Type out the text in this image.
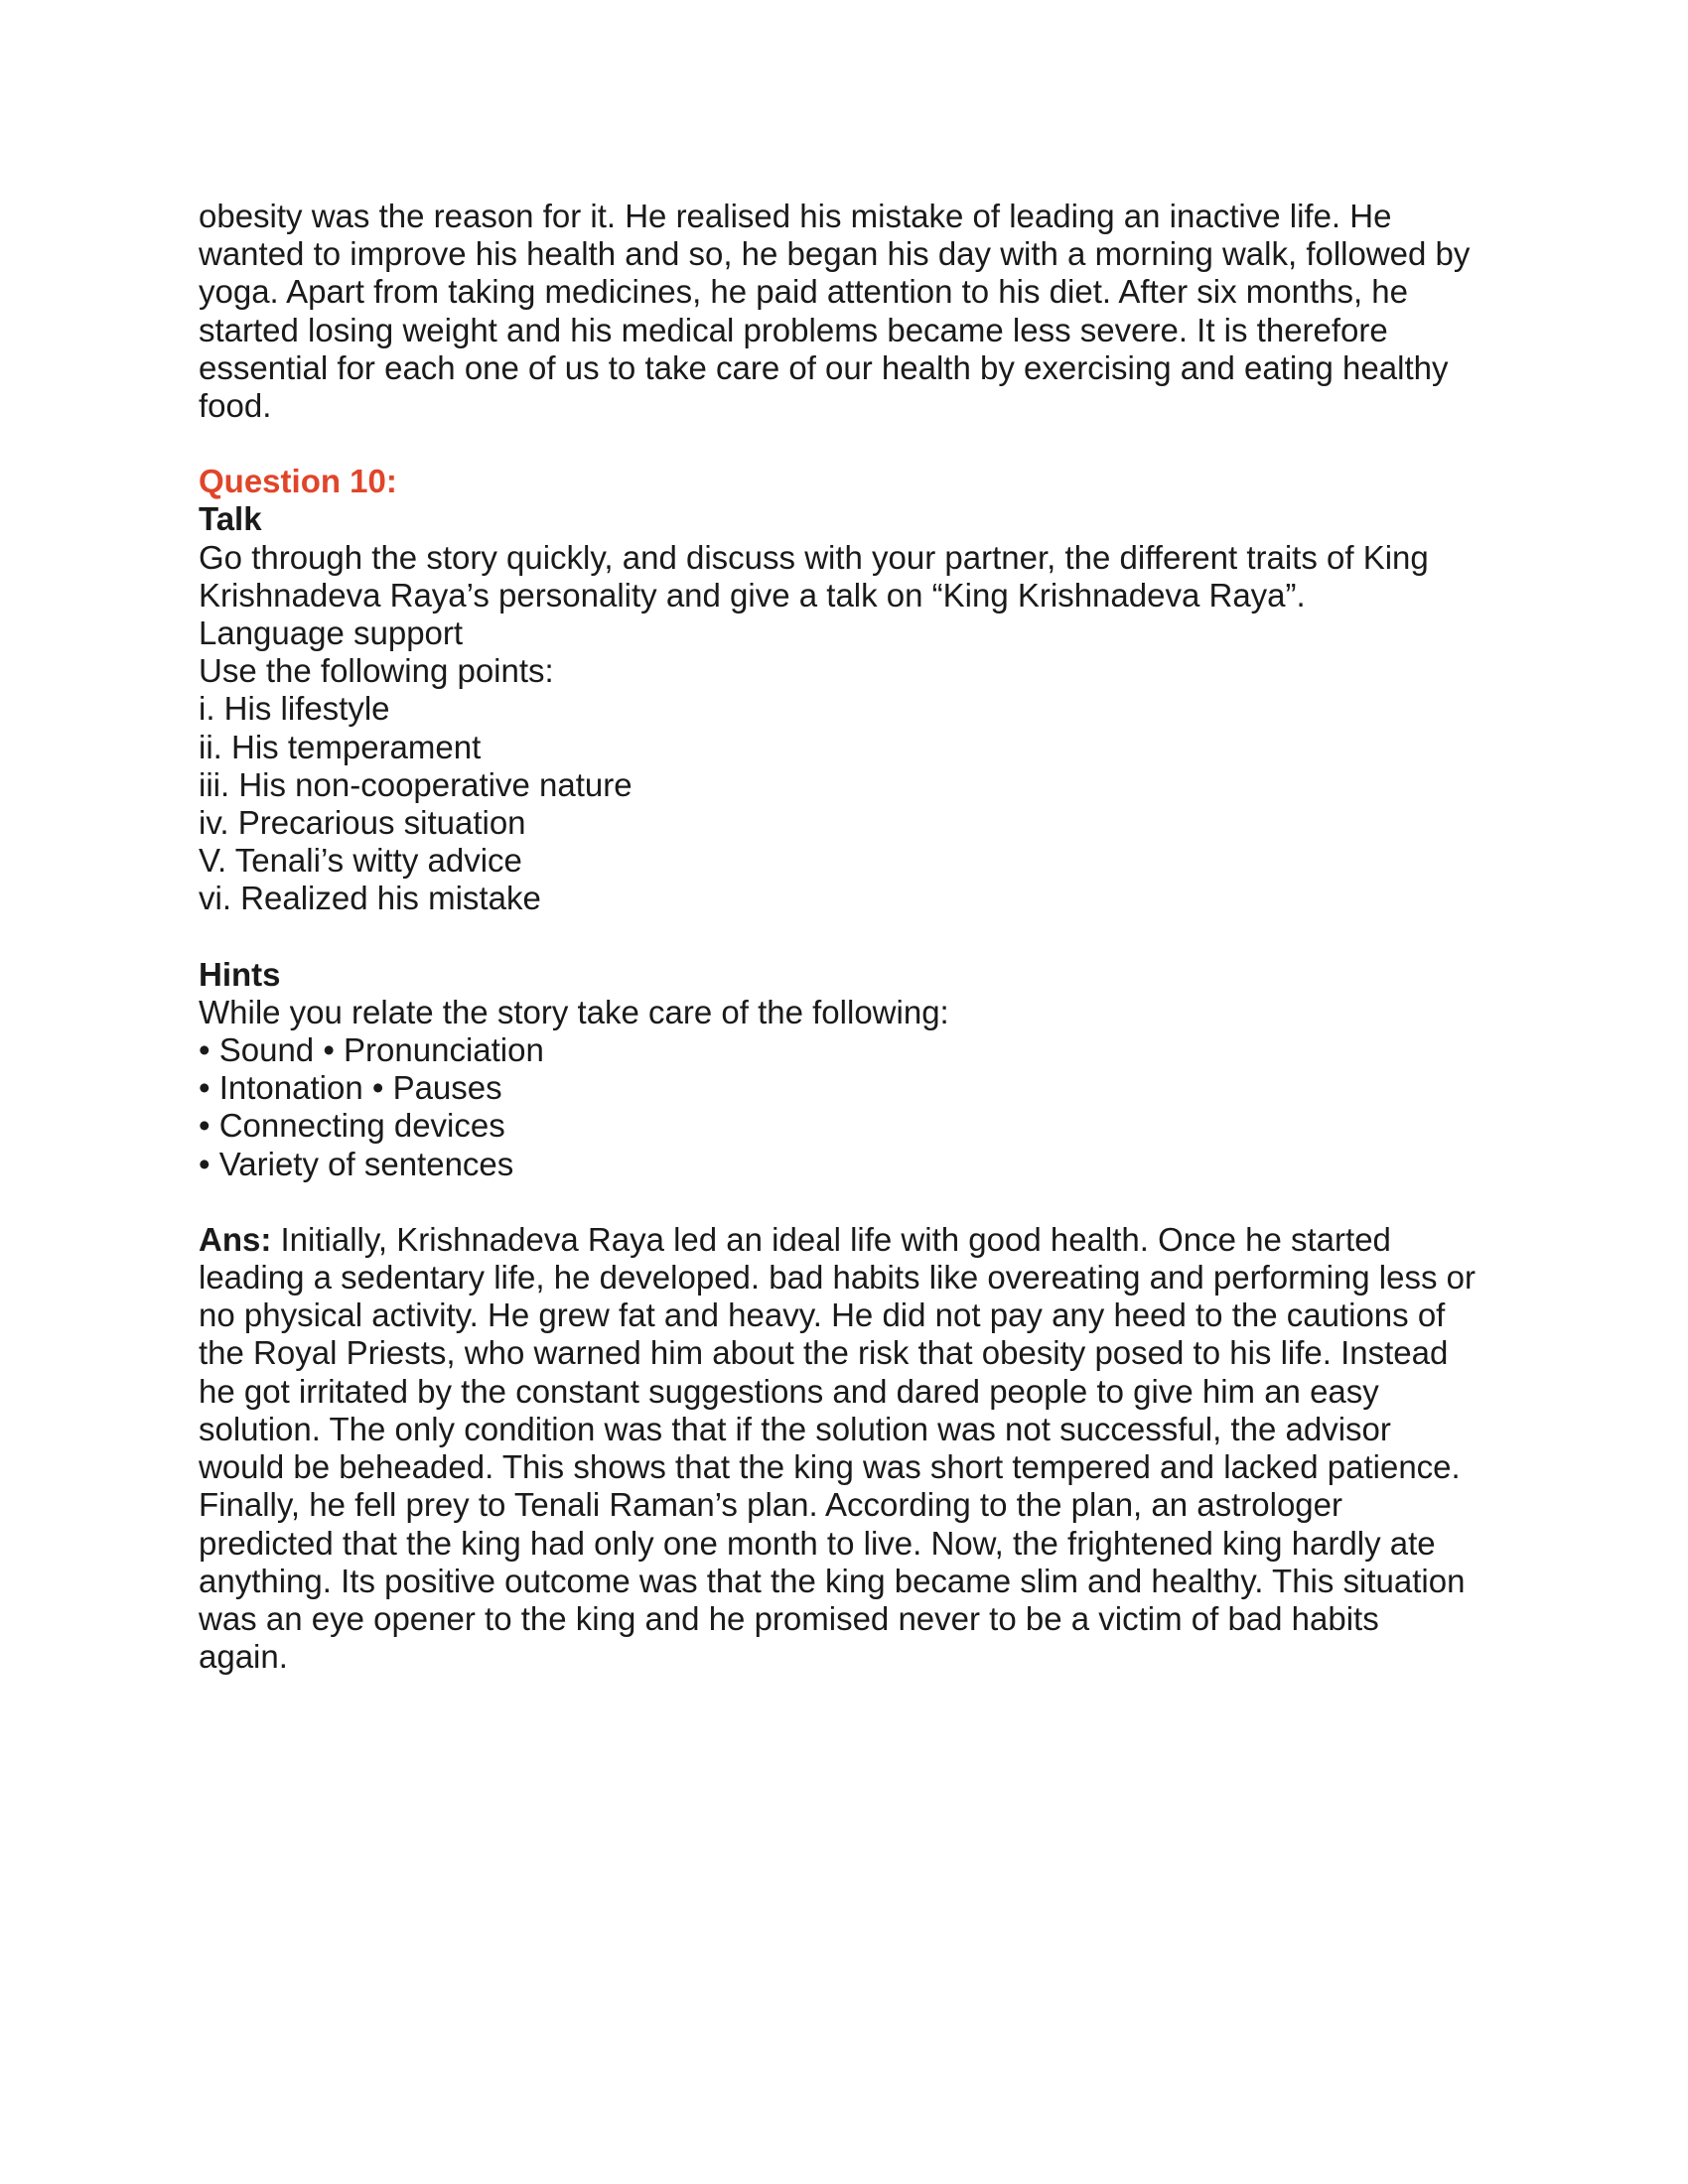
obesity was the reason for it. He realised his mistake of leading an inactive life. He
wanted to improve his health and so, he began his day with a morning walk, followed by
yoga. Apart from taking medicines, he paid attention to his diet. After six months, he
started losing weight and his medical problems became less severe. It is therefore
essential for each one of us to take care of our health by exercising and eating healthy
food.
Question 10:
Talk
Go through the story quickly, and discuss with your partner, the different traits of King
Krishnadeva Raya’s personality and give a talk on “King Krishnadeva Raya”.
Language support
Use the following points:
i. His lifestyle
ii. His temperament
iii. His non-cooperative nature
iv. Precarious situation
V. Tenali’s witty advice
vi. Realized his mistake
Hints
While you relate the story take care of the following:
• Sound • Pronunciation
• Intonation • Pauses
• Connecting devices
• Variety of sentences
Ans: Initially, Krishnadeva Raya led an ideal life with good health. Once he started
leading a sedentary life, he developed. bad habits like overeating and performing less or
no physical activity. He grew fat and heavy. He did not pay any heed to the cautions of
the Royal Priests, who warned him about the risk that obesity posed to his life. Instead
he got irritated by the constant suggestions and dared people to give him an easy
solution. The only condition was that if the solution was not successful, the advisor
would be beheaded. This shows that the king was short tempered and lacked patience.
Finally, he fell prey to Tenali Raman’s plan. According to the plan, an astrologer
predicted that the king had only one month to live. Now, the frightened king hardly ate
anything. Its positive outcome was that the king became slim and healthy. This situation
was an eye opener to the king and he promised never to be a victim of bad habits
again.
